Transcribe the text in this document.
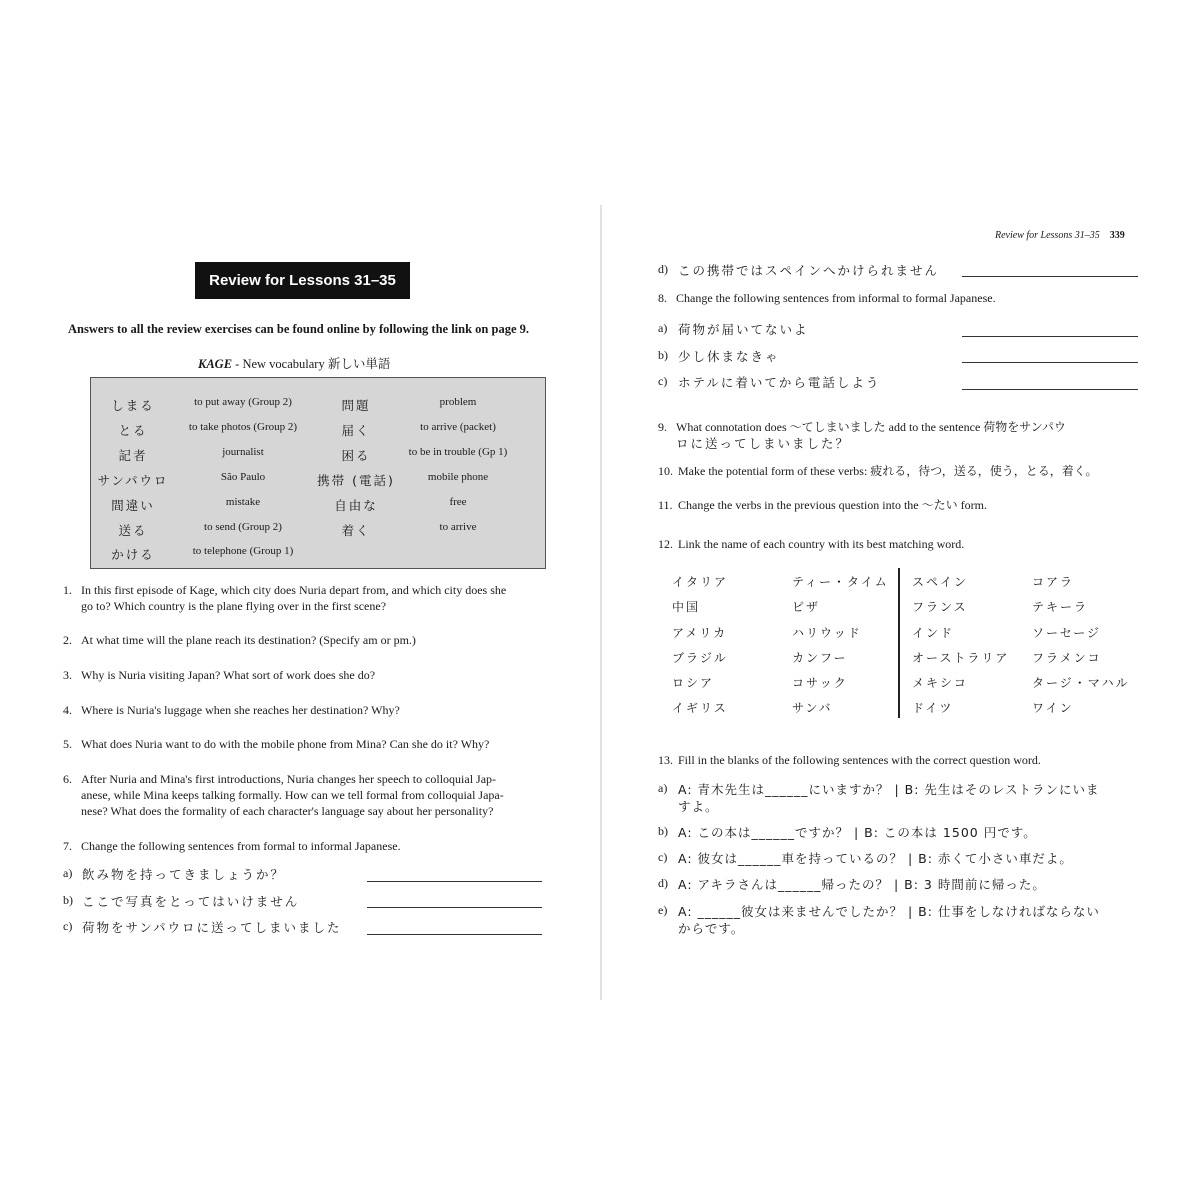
Review for Lessons 31–35
Answers to all the review exercises can be found online by following the link on page 9.
KAGE - New vocabulary 新しい単語
しまる	to put away (Group 2)	問題	problem
とる	to take photos (Group 2)	届く	to arrive (packet)
記者	journalist	困る	to be in trouble (Gp 1)
サンパウロ	São Paulo	携帯 (電話)	mobile phone
間違い	mistake	自由な	free
送る	to send (Group 2)	着く	to arrive
かける	to telephone (Group 1)
1. In this first episode of Kage, which city does Nuria depart from, and which city does she
go to? Which country is the plane flying over in the first scene?
2. At what time will the plane reach its destination? (Specify am or pm.)
3. Why is Nuria visiting Japan? What sort of work does she do?
4. Where is Nuria's luggage when she reaches her destination? Why?
5. What does Nuria want to do with the mobile phone from Mina? Can she do it? Why?
6. After Nuria and Mina's first introductions, Nuria changes her speech to colloquial Jap-
anese, while Mina keeps talking formally. How can we tell formal from colloquial Japa-
nese? What does the formality of each character's language say about her personality?
7. Change the following sentences from formal to informal Japanese.
a) 飲み物を持ってきましょうか？
b) ここで写真をとってはいけません
c) 荷物をサンパウロに送ってしまいました
Review for Lessons 31–35 339
d) この携帯ではスペインへかけられません
8. Change the following sentences from informal to formal Japanese.
a) 荷物が届いてないよ
b) 少し休まなきゃ
c) ホテルに着いてから電話しよう
9. What connotation does 〜てしまいました add to the sentence 荷物をサンパウ
ロに送ってしまいました？
10. Make the potential form of these verbs: 疲れる，待つ，送る，使う，とる，着く。
11. Change the verbs in the previous question into the 〜たい form.
12. Link the name of each country with its best matching word.
イタリア	ティー・タイム スペイン	コアラ
中国	ピザ	フランス	テキーラ
アメリカ	ハリウッド	インド	ソーセージ
ブラジル	カンフー	オーストラリア フラメンコ
ロシア	コサック	メキシコ	タージ・マハル
イギリス	サンバ	ドイツ	ワイン
13. Fill in the blanks of the following sentences with the correct question word.
a) A: 青木先生は______にいますか？ | B: 先生はそのレストランにいま
すよ。
b) A: この本は______ですか？ | B: この本は 1500 円です。
c) A: 彼女は______車を持っているの？ | B: 赤くて小さい車だよ。
d) A: アキラさんは______帰ったの？ | B: 3 時間前に帰った。
e) A: ______彼女は来ませんでしたか？ | B: 仕事をしなければならない
からです。
